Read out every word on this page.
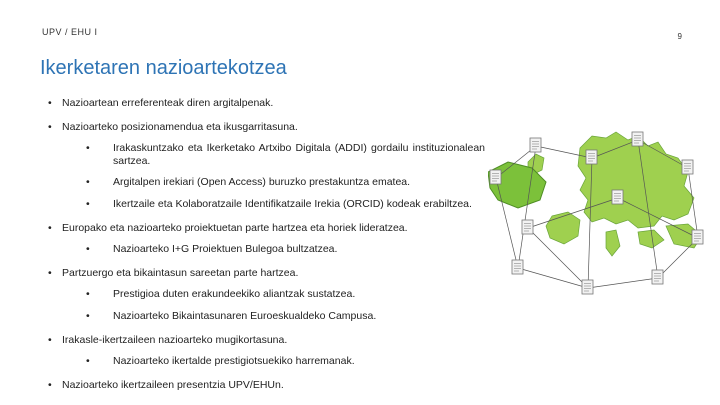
UPV / EHU I	9
Ikerketaren nazioartekotzea
• Nazioartean erreferenteak diren argitalpenak.
• Nazioarteko posizionamendua eta ikusgarritasuna.
• Irakaskuntzako eta Ikerketako Artxibo Digitala (ADDI) gordailu instituzionalean sartzea.
• Argitalpen irekiari (Open Access) buruzko prestakuntza ematea.
• Ikertzaile eta Kolaboratzaile Identifikatzaile Irekia (ORCID) kodeak erabiltzea.
• Europako eta nazioarteko proiektuetan parte hartzea eta horiek lideratzea.
• Nazioarteko I+G Proiektuen Bulegoa bultzatzea.
• Partzuergo eta bikaintasun sareetan parte hartzea.
• Prestigioa duten erakundeekiko aliantzak sustatzea.
• Nazioarteko Bikaintasunaren Euroeskualdeko Campusa.
• Irakasle-ikertzaileen nazioarteko mugikortasuna.
• Nazioarteko ikertalde prestigiotsuekiko harremanak.
• Nazioarteko ikertzaileen presentzia UPV/EHUn.
